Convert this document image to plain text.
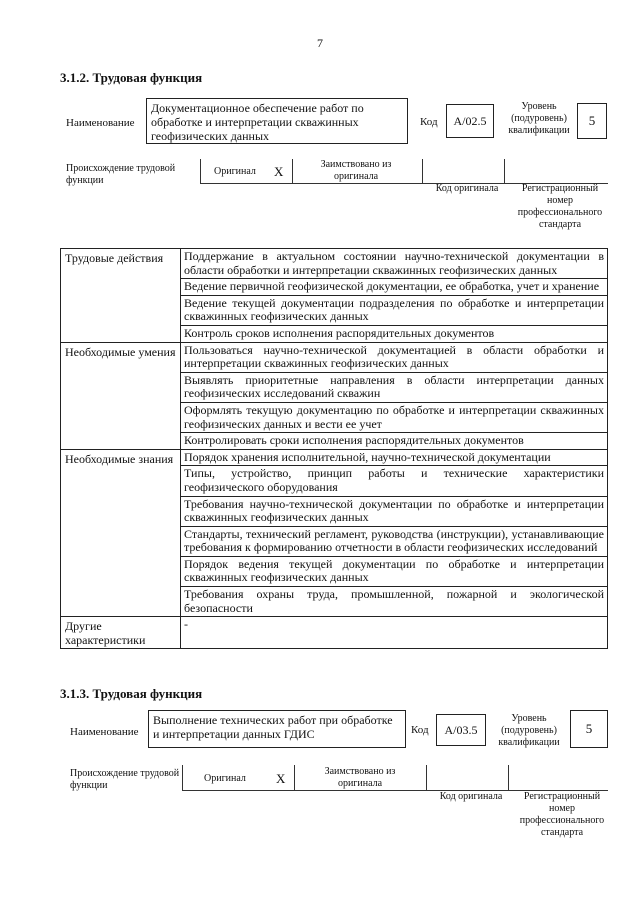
7
3.1.2. Трудовая функция
Наименование
Документационное обеспечение работ по обработке и интерпретации скважинных геофизических данных
Код	A/02.5
Уровень (подуровень) квалификации
5
Происхождение трудовой функции
Оригинал X	Заимствовано из оригинала
Код оригинала	Регистрационный номер профессионального стандарта
Трудовые действия	Поддержание в актуальном состоянии научно-технической документации в области обработки и интерпретации скважинных геофизических данных
	Ведение первичной геофизической документации, ее обработка, учет и хранение
	Ведение текущей документации подразделения по обработке и интерпретации скважинных геофизических данных
	Контроль сроков исполнения распорядительных документов
Необходимые умения	Пользоваться научно-технической документацией в области обработки и интерпретации скважинных геофизических данных
	Выявлять приоритетные направления в области интерпретации данных геофизических исследований скважин
	Оформлять текущую документацию по обработке и интерпретации скважинных геофизических данных и вести ее учет
	Контролировать сроки исполнения распорядительных документов
Необходимые знания	Порядок хранения исполнительной, научно-технической документации
	Типы, устройство, принцип работы и технические характеристики геофизического оборудования
	Требования научно-технической документации по обработке и интерпретации скважинных геофизических данных
	Стандарты, технический регламент, руководства (инструкции), устанавливающие требования к формированию отчетности в области геофизических исследований
	Порядок ведения текущей документации по обработке и интерпретации скважинных геофизических данных
	Требования охраны труда, промышленной, пожарной и экологической безопасности
Другие характеристики	-
3.1.3. Трудовая функция
Наименование
Выполнение технических работ при обработке и интерпретации данных ГДИС	Код	A/03.5
Уровень (подуровень) квалификации
5
Происхождение трудовой функции
Оригинал X	Заимствовано из оригинала
Код оригинала	Регистрационный номер профессионального стандарта
